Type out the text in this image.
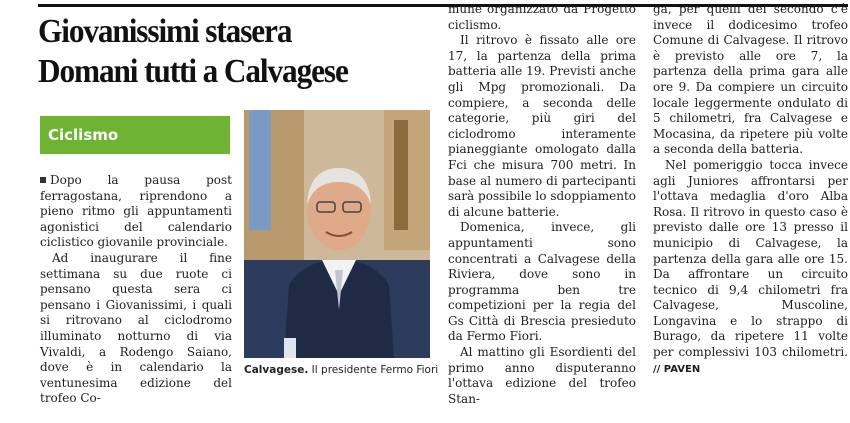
Giovanissimi stasera
Domani tutti a Calvagese
Ciclismo

Dopo la pausa post ferragostana, riprendono a pieno ritmo gli appuntamenti agonistici del calendario ciclistico giovanile provinciale.

Ad inaugurare il fine settimana su due ruote ci pensano questa sera ci pensano i Giovanissimi, i quali si ritrovano al ciclodromo illuminato notturno di via Vivaldi, a Rodengo Saiano, dove è in calendario la ventunesima edizione del trofeo Co-

Calvagese. Il presidente Fermo Fiori

mune organizzato da Progetto ciclismo.

Il ritrovo è fissato alle ore 17, la partenza della prima batteria alle 19. Previsti anche gli Mpg promozionali. Da compiere, a seconda delle categorie, più giri del ciclodromo interamente pianeggiante omologato dalla Fci che misura 700 metri. In base al numero di partecipanti sarà possibile lo sdoppiamento di alcune batterie.

Domenica, invece, gli appuntamenti sono concentrati a Calvagese della Riviera, dove sono in programma ben tre competizioni per la regia del Gs Città di Brescia presieduto da Fermo Fiori.

Al mattino gli Esordienti del primo anno disputeranno l'ottava edizione del trofeo Stan-

ga, per quelli del secondo c'è invece il dodicesimo trofeo Comune di Calvagese. Il ritrovo è previsto alle ore 7, la partenza della prima gara alle ore 9. Da compiere un circuito locale leggermente ondulato di 5 chilometri, fra Calvagese e Mocasina, da ripetere più volte a seconda della batteria.

Nel pomeriggio tocca invece agli Juniores affrontarsi per l'ottava medaglia d'oro Alba Rosa. Il ritrovo in questo caso è previsto dalle ore 13 presso il municipio di Calvagese, la partenza della gara alle ore 15. Da affrontare un circuito tecnico di 9,4 chilometri fra Calvagese, Muscoline, Longavina e lo strappo di Burago, da ripetere 11 volte per complessivi 103 chilometri. // PAVEN
